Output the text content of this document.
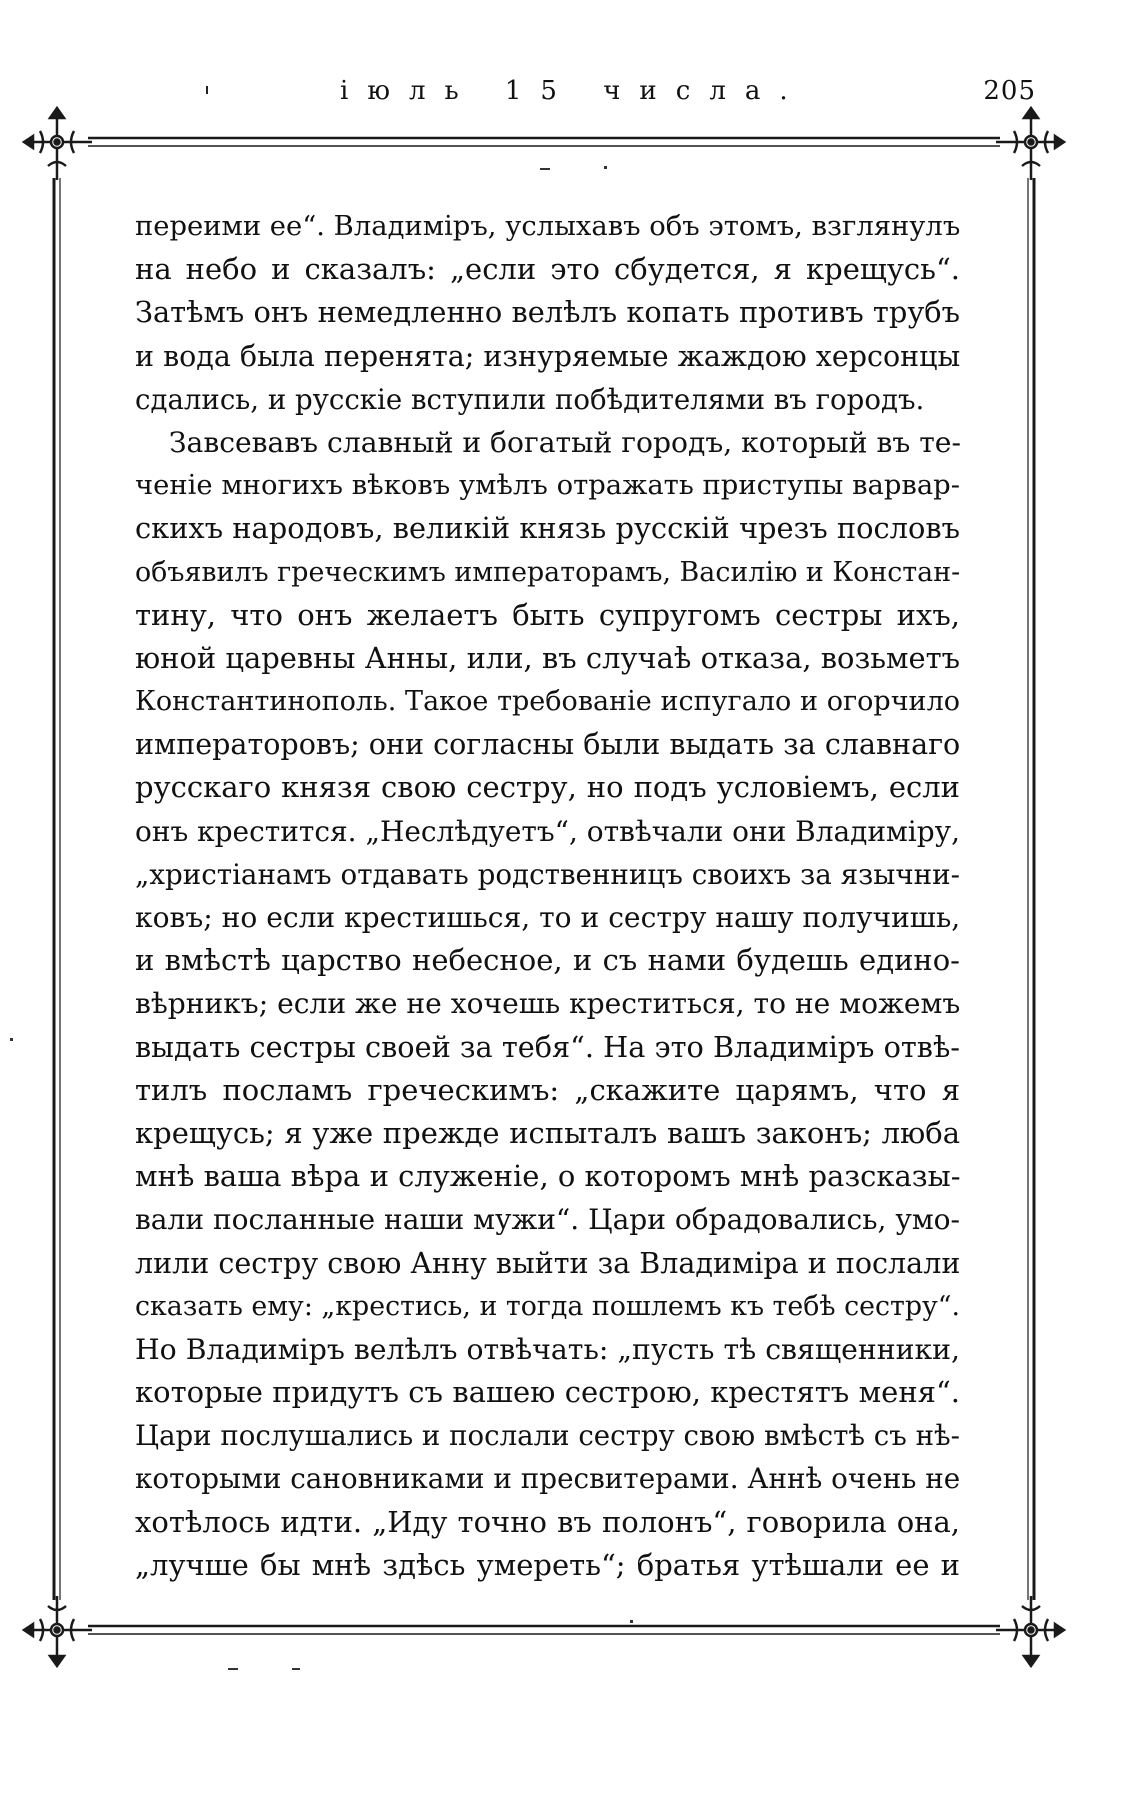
іюль 15 числа.	205
переими ее“. Владиміръ, услыхавъ объ этомъ, взглянулъ
на небо и сказалъ: „если это сбудется, я крещусь“.
Затѣмъ онъ немедленно велѣлъ копать противъ трубъ
и вода была перенята; изнуряемые жаждою херсонцы
сдались, и русскіе вступили побѣдителями въ городъ.
Завсевавъ славный и богатый городъ, который въ те-
ченіе многихъ вѣковъ умѣлъ отражать приступы варвар-
скихъ народовъ, великій князь русскій чрезъ пословъ
объявилъ греческимъ императорамъ, Василію и Констан-
тину, что онъ желаетъ быть супругомъ сестры ихъ,
юной царевны Анны, или, въ случаѣ отказа, возьметъ
Константинополь. Такое требованіе испугало и огорчило
императоровъ; они согласны были выдать за славнаго
русскаго князя свою сестру, но подъ условіемъ, если
онъ крестится. „Неслѣдуетъ“, отвѣчали они Владиміру,
„христіанамъ отдавать родственницъ своихъ за язычни-
ковъ; но если крестишься, то и сестру нашу получишь,
и вмѣстѣ царство небесное, и съ нами будешь едино-
вѣрникъ; если же не хочешь креститься, то не можемъ
выдать сестры своей за тебя“. На это Владиміръ отвѣ-
тилъ посламъ греческимъ: „скажите царямъ, что я
крещусь; я уже прежде испыталъ вашъ законъ; люба
мнѣ ваша вѣра и служеніе, о которомъ мнѣ разсказы-
вали посланные наши мужи“. Цари обрадовались, умо-
лили сестру свою Анну выйти за Владиміра и послали
сказать ему: „крестись, и тогда пошлемъ къ тебѣ сестру“.
Но Владиміръ велѣлъ отвѣчать: „пусть тѣ священники,
которые придутъ съ вашею сестрою, крестятъ меня“.
Цари послушались и послали сестру свою вмѣстѣ съ нѣ-
которыми сановниками и пресвитерами. Аннѣ очень не
хотѣлось идти. „Иду точно въ полонъ“, говорила она,
„лучше бы мнѣ здѣсь умереть“; братья утѣшали ее и
